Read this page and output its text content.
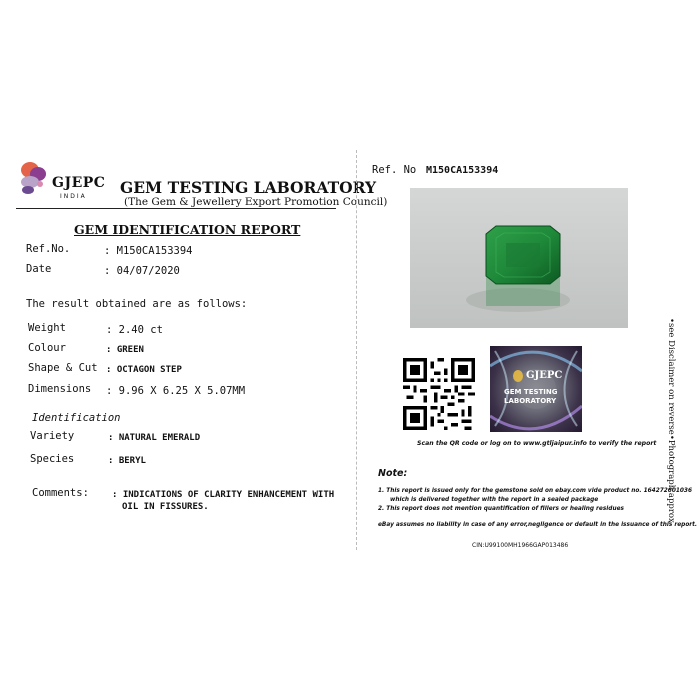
GJEPC
INDIA GEM TESTING LABORATORY
(The Gem & Jewellery Export Promotion Council)
GEM IDENTIFICATION REPORT
Ref.No.	: M150CA153394
Date	: 04/07/2020
The result obtained are as follows:
Weight	: 2.40 ct
Colour	: GREEN
Shape & Cut : OCTAGON STEP
Dimensions : 9.96 X 6.25 X 5.07MM
Identification
Variety	: NATURAL EMERALD
Species	: BERYL
Comments:	: INDICATIONS OF CLARITY ENHANCEMENT WITH
OIL IN FISSURES.
Ref. No M150CA153394
GJEPC
GEM TESTING
LABORATORY
Scan the QR code or log on to www.gtljaipur.info to verify the report
Note:
1. This report is issued only for the gemstone sold on ebay.com vide product no. 164272601036
which is delivered together with the report in a sealed package
2. This report does not mention quantification of fillers or healing residues
eBay assumes no liability in case of any error,negligence or default in the issuance of this report.
CIN:U99100MH1966GAP013486
•see Disclaimer on reverse•Photograph approx
